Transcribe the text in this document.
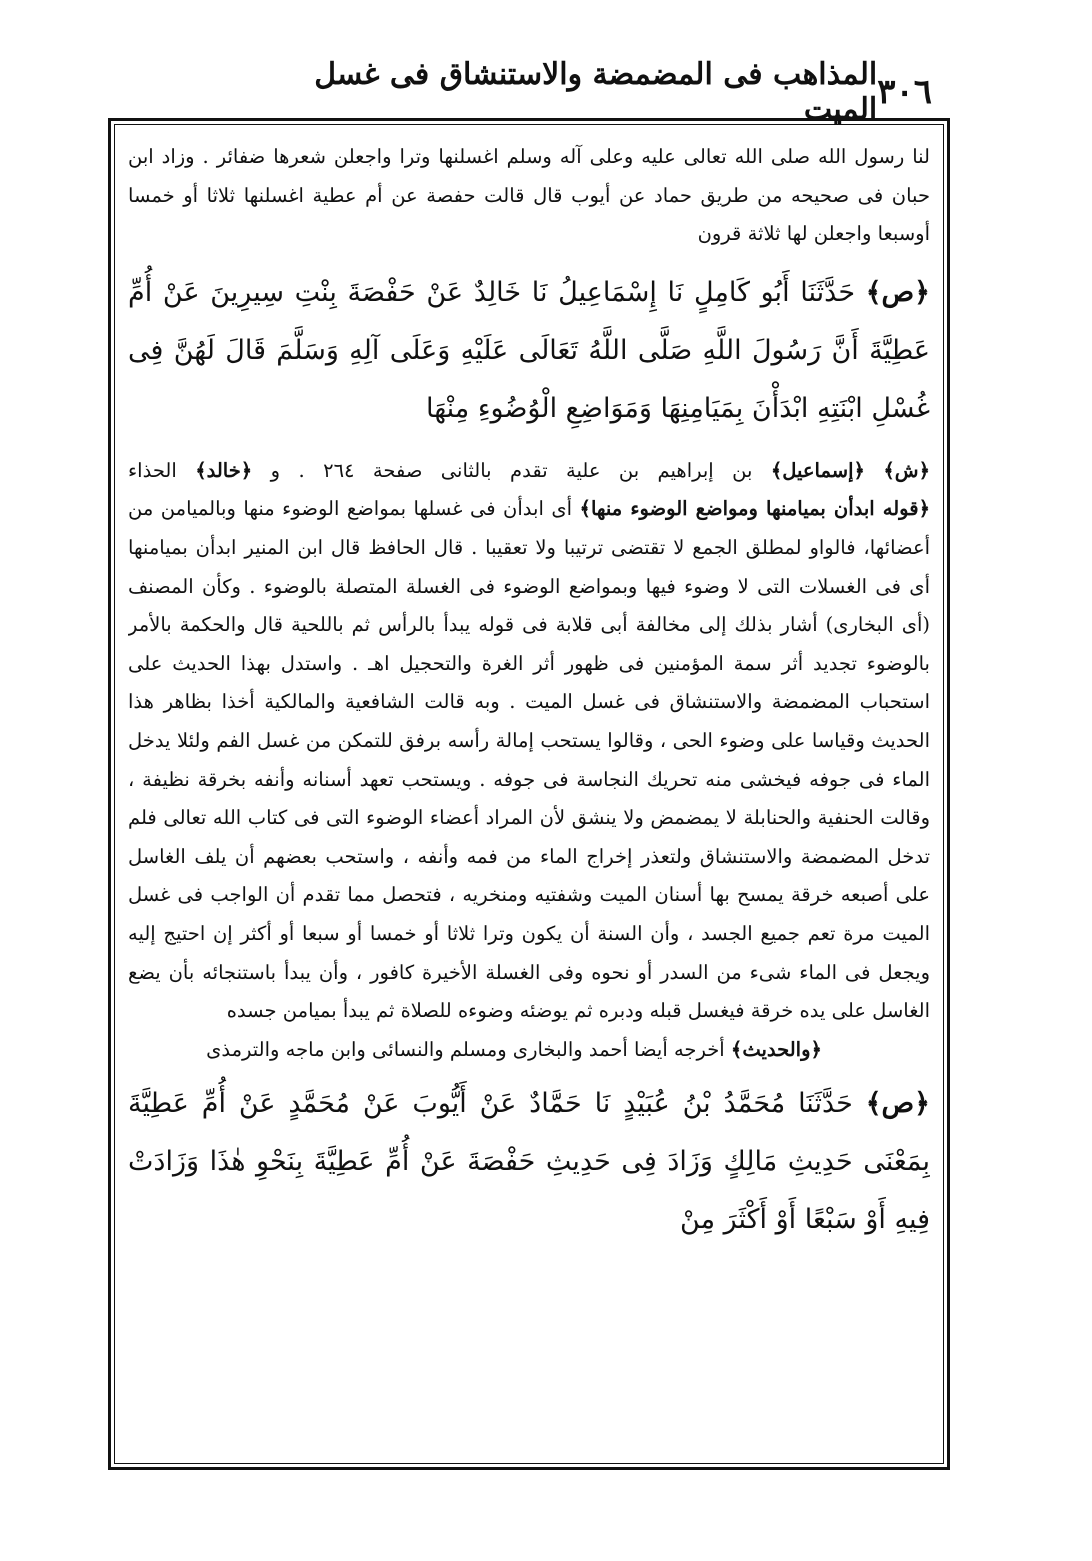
٣٠٦
المذاهب فى المضمضة والاستنشاق فى غسل الميت

لنا رسول الله صلى الله تعالى عليه وعلى آله وسلم اغسلنها وترا واجعلن شعرها ضفائر . وزاد ابن حبان فى صحيحه من طريق حماد عن أيوب قال قالت حفصة عن أم عطية اغسلنها ثلاثا أو خمسا أوسبعا واجعلن لها ثلاثة قرون

﴿ص﴾ حَدَّثَنَا أَبُو كَامِلٍ نَا إِسْمَاعِيلُ نَا خَالِدٌ عَنْ حَفْصَةَ بِنْتِ سِيرِينَ عَنْ أُمِّ عَطِيَّةَ أَنَّ رَسُولَ اللَّهِ صَلَّى اللَّهُ تَعَالَى عَلَيْهِ وَعَلَى آلِهِ وَسَلَّمَ قَالَ لَهُنَّ فِى غُسْلِ ابْنَتِهِ ابْدَأْنَ بِمَيَامِنِهَا وَمَوَاضِعِ الْوُضُوءِ مِنْهَا

﴿ش﴾ ﴿إسماعيل﴾ بن إبراهيم بن علية تقدم بالثانى صفحة ٢٦٤ . و ﴿خالد﴾ الحذاء ﴿قوله ابدأن بميامنها ومواضع الوضوء منها﴾ أى ابدأن فى غسلها بمواضع الوضوء منها وبالميامن من أعضائها، فالواو لمطلق الجمع لا تقتضى ترتيبا ولا تعقيبا . قال الحافظ قال ابن المنير ابدأن بميامنها أى فى الغسلات التى لا وضوء فيها وبمواضع الوضوء فى الغسلة المتصلة بالوضوء . وكأن المصنف (أى البخارى) أشار بذلك إلى مخالفة أبى قلابة فى قوله يبدأ بالرأس ثم باللحية قال والحكمة بالأمر بالوضوء تجديد أثر سمة المؤمنين فى ظهور أثر الغرة والتحجيل اهـ . واستدل بهذا الحديث على استحباب المضمضة والاستنشاق فى غسل الميت . وبه قالت الشافعية والمالكية أخذا بظاهر هذا الحديث وقياسا على وضوء الحى ، وقالوا يستحب إمالة رأسه برفق للتمكن من غسل الفم ولئلا يدخل الماء فى جوفه فيخشى منه تحريك النجاسة فى جوفه . ويستحب تعهد أسنانه وأنفه بخرقة نظيفة ، وقالت الحنفية والحنابلة لا يمضمض ولا ينشق لأن المراد أعضاء الوضوء التى فى كتاب الله تعالى فلم تدخل المضمضة والاستنشاق ولتعذر إخراج الماء من فمه وأنفه ، واستحب بعضهم أن يلف الغاسل على أصبعه خرقة يمسح بها أسنان الميت وشفتيه ومنخريه ، فتحصل مما تقدم أن الواجب فى غسل الميت مرة تعم جميع الجسد ، وأن السنة أن يكون وترا ثلاثا أو خمسا أو سبعا أو أكثر إن احتيج إليه ويجعل فى الماء شىء من السدر أو نحوه وفى الغسلة الأخيرة كافور ، وأن يبدأ باستنجائه بأن يضع الغاسل على يده خرقة فيغسل قبله ودبره ثم يوضئه وضوءه للصلاة ثم يبدأ بميامن جسده

﴿والحديث﴾ أخرجه أيضا أحمد والبخارى ومسلم والنسائى وابن ماجه والترمذى

﴿ص﴾ حَدَّثَنَا مُحَمَّدُ بْنُ عُبَيْدٍ نَا حَمَّادٌ عَنْ أَيُّوبَ عَنْ مُحَمَّدٍ عَنْ أُمِّ عَطِيَّةَ بِمَعْنَى حَدِيثِ مَالِكٍ وَزَادَ فِى حَدِيثِ حَفْصَةَ عَنْ أُمِّ عَطِيَّةَ بِنَحْوِ هٰذَا وَزَادَتْ فِيهِ أَوْ سَبْعًا أَوْ أَكْثَرَ مِنْ
